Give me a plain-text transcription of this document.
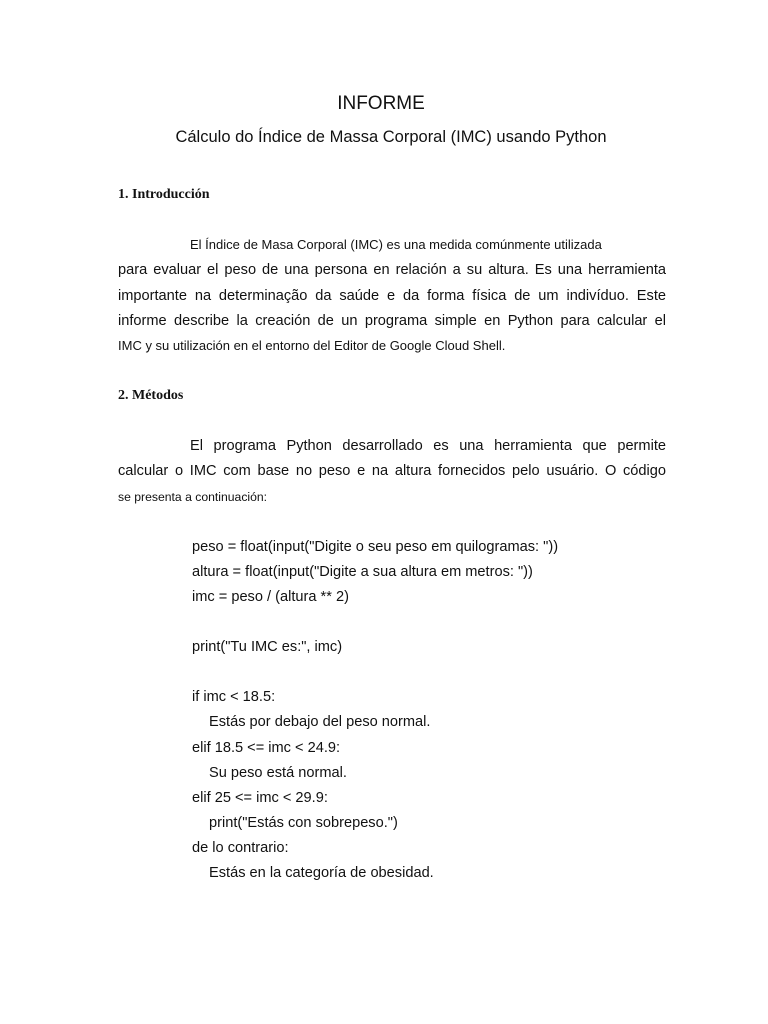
INFORME
Cálculo do Índice de Massa Corporal (IMC) usando Python
1. Introducción
El Índice de Masa Corporal (IMC) es una medida comúnmente utilizada
para evaluar el peso de una persona en relación a su altura. Es una herramienta
importante na determinação da saúde e da forma física de um indivíduo. Este
informe describe la creación de un programa simple en Python para calcular el
IMC y su utilización en el entorno del Editor de Google Cloud Shell.
2. Métodos
El programa Python desarrollado es una herramienta que permite
calcular o IMC com base no peso e na altura fornecidos pelo usuário. O código
se presenta a continuación:
peso = float(input("Digite o seu peso em quilogramas: "))
altura = float(input("Digite a sua altura em metros: "))
imc = peso / (altura ** 2)
print("Tu IMC es:", imc)
if imc < 18.5:
Estás por debajo del peso normal.
elif 18.5 <= imc < 24.9:
Su peso está normal.
elif 25 <= imc < 29.9:
print("Estás con sobrepeso.")
de lo contrario:
Estás en la categoría de obesidad.
